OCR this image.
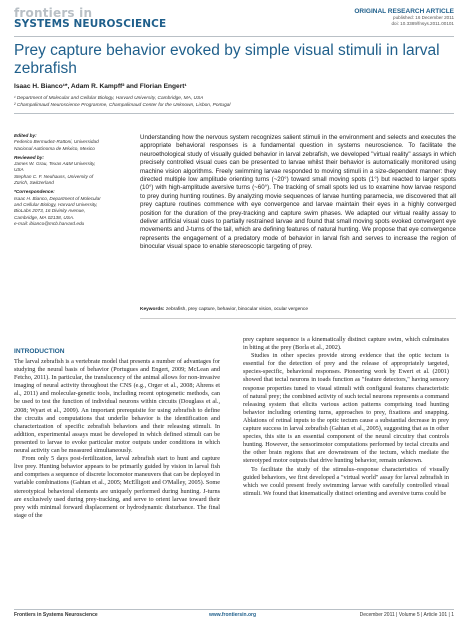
frontiers in
SYSTEMS NEUROSCIENCE
ORIGINAL RESEARCH ARTICLE
published: 16 December 2011
doi: 10.3389/fnsys.2011.00101
Prey capture behavior evoked by simple visual stimuli in larval zebrafish
Isaac H. Bianco¹*, Adam R. Kampff² and Florian Engert¹
¹ Department of Molecular and Cellular Biology, Harvard University, Cambridge, MA, USA
² Champalimaud Neuroscience Programme, Champalimaud Center for the Unknown, Lisbon, Portugal

Edited by:
Federico Bermudez-Rattoni, Universidad Nacional Autónoma de México, Mexico

Reviewed by:
James W. Grau, Texas A&M University, USA
Stephan C. F. Neuhauss, University of Zürich, Switzerland

*Correspondence:
Isaac H. Bianco, Department of Molecular and Cellular Biology, Harvard University, BioLabs 2073, 16 Divinity Avenue, Cambridge, MA 02138, USA.
e-mail: ibianco@mcb.harvard.edu

Understanding how the nervous system recognizes salient stimuli in the environment and selects and executes the appropriate behavioral responses is a fundamental question in systems neuroscience. To facilitate the neuroethological study of visually guided behavior in larval zebrafish, we developed "virtual reality" assays in which precisely controlled visual cues can be presented to larvae whilst their behavior is automatically monitored using machine vision algorithms. Freely swimming larvae responded to moving stimuli in a size-dependent manner: they directed multiple low amplitude orienting turns (~20°) toward small moving spots (1°) but reacted to larger spots (10°) with high-amplitude aversive turns (~60°). The tracking of small spots led us to examine how larvae respond to prey during hunting routines. By analyzing movie sequences of larvae hunting paramecia, we discovered that all prey capture routines commence with eye convergence and larvae maintain their eyes in a highly converged position for the duration of the prey-tracking and capture swim phases. We adapted our virtual reality assay to deliver artificial visual cues to partially restrained larvae and found that small moving spots evoked convergent eye movements and J-turns of the tail, which are defining features of natural hunting. We propose that eye convergence represents the engagement of a predatory mode of behavior in larval fish and serves to increase the region of binocular visual space to enable stereoscopic targeting of prey.
Keywords: zebrafish, prey capture, behavior, binocular vision, ocular vergence
INTRODUCTION

The larval zebrafish is a vertebrate model that presents a number of advantages for studying the neural basis of behavior (Portugues and Engert, 2009; McLean and Fetcho, 2011). In particular, the translucency of the animal allows for non-invasive imaging of neural activity throughout the CNS (e.g., Orger et al., 2008; Ahrens et al., 2011) and molecular-genetic tools, including recent optogenetic methods, can be used to test the function of individual neurons within circuits (Douglass et al., 2008; Wyart et al., 2009). An important prerequisite for using zebrafish to define the circuits and computations that underlie behavior is the identification and characterization of specific zebrafish behaviors and their releasing stimuli. In addition, experimental assays must be developed in which defined stimuli can be presented to larvae to evoke particular motor outputs under conditions in which neural activity can be measured simultaneously.

From only 5 days post-fertilization, larval zebrafish start to hunt and capture live prey. Hunting behavior appears to be primarily guided by vision in larval fish and comprises a sequence of discrete locomotor maneuvers that can be deployed in variable combinations (Gahtan et al., 2005; McElligott and O'Malley, 2005). Some stereotypical behavioral elements are uniquely performed during hunting. J-turns are exclusively used during prey-tracking, and serve to orient larvae toward their prey with minimal forward displacement or hydrodynamic disturbance. The final stage of the

prey capture sequence is a kinematically distinct capture swim, which culminates in biting at the prey (Borla et al., 2002).

Studies in other species provide strong evidence that the optic tectum is essential for the detection of prey and the release of appropriately targeted, species-specific, behavioral responses. Pioneering work by Ewert et al. (2001) showed that tectal neurons in toads function as "feature detectors," having sensory response properties tuned to visual stimuli with configural features characteristic of natural prey; the combined activity of such tectal neurons represents a command releasing system that elicits various action patterns comprising toad hunting behavior including orienting turns, approaches to prey, fixations and snapping. Ablations of retinal inputs to the optic tectum cause a substantial decrease in prey capture success in larval zebrafish (Gahtan et al., 2005), suggesting that as in other species, this site is an essential component of the neural circuitry that controls hunting. However, the sensorimotor computations performed by tectal circuits and the other brain regions that are downstream of the tectum, which mediate the stereotyped motor outputs that drive hunting behavior, remain unknown.

To facilitate the study of the stimulus–response characteristics of visually guided behaviors, we first developed a "virtual world" assay for larval zebrafish in which we could present freely swimming larvae with carefully controlled visual stimuli. We found that kinematically distinct orienting and aversive turns could be

Frontiers in Systems Neuroscience	www.frontiersin.org	December 2011 | Volume 5 | Article 101 | 1
